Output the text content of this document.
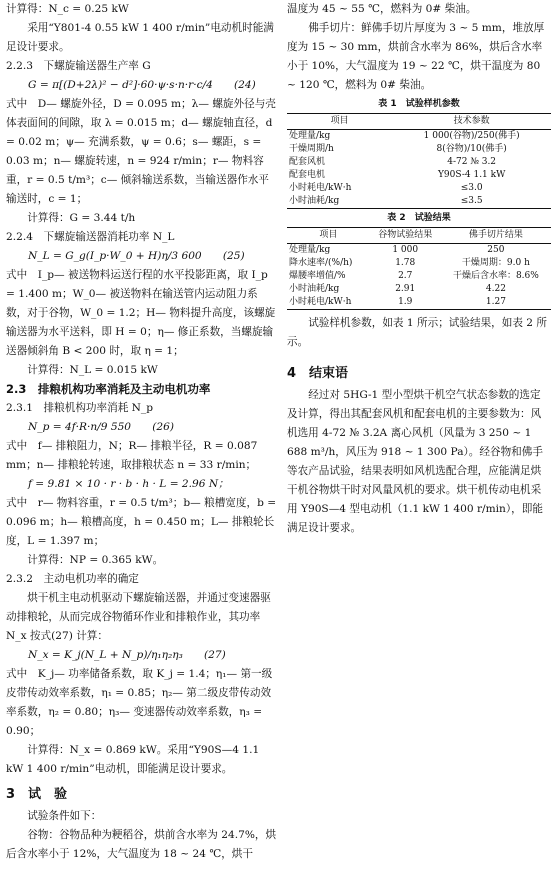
计算得：N_c = 0.25 kW

采用“Y801-4 0.55 kW 1 400 r/min”电动机时能满足设计要求。

2.2.3　下螺旋输送器生产率 G

G = π[(D+2λ)² − d²]·60·ψ·s·n·r·c/4　　(24)

式中　D— 螺旋外径，D = 0.095 m；λ— 螺旋外径与壳体表面间的间隙，取 λ = 0.015 m；d— 螺旋轴直径，d = 0.02 m；ψ— 充满系数，ψ = 0.6；s— 螺距，s = 0.03 m；n— 螺旋转速，n = 924 r/min；r— 物料容重，r = 0.5 t/m³；c— 倾斜输送系数，当输送器作水平输送时，c = 1；

计算得：G = 3.44 t/h

2.2.4　下螺旋输送器消耗功率 N_L

N_L = G_g(I_p·W_0 + H)η/3 600　　(25)

式中　I_p— 被送物料运送行程的水平投影距离，取 I_p = 1.400 m；W_0— 被送物料在输送管内运动阻力系数，对于谷物，W_0 = 1.2；H— 物料提升高度，该螺旋输送器为水平送料，即 H = 0；η— 修正系数，当螺旋输送器倾斜角 B < 200 时，取 η = 1；

计算得：N_L = 0.015 kW

2.3　排粮机构功率消耗及主动电机功率

2.3.1　排粮机构功率消耗 N_p

N_p = 4f·R·n/9 550　　(26)

式中　f— 排粮阻力，N；R— 排粮半径，R = 0.087 mm；n— 排粮轮转速，取排粮状态 n = 33 r/min；

f = 9.81 × 10 · r · b · h · L = 2.96 N；

式中　r— 物料容重，r = 0.5 t/m³；b— 粮槽宽度，b = 0.096 m；h— 粮槽高度，h = 0.450 m；L— 排粮轮长度，L = 1.397 m；

计算得：NP = 0.365 kW。

2.3.2　主动电机功率的确定

烘干机主电动机驱动下螺旋输送器，并通过变速器驱动排粮轮，从而完成谷物循环作业和排粮作业，其功率 N_x 按式(27) 计算：

N_x = K_j(N_L + N_p)/η₁η₂η₃　　(27)

式中　K_j— 功率储备系数，取 K_j = 1.4；η₁— 第一级皮带传动效率系数，η₁ = 0.85；η₂— 第二级皮带传动效率系数，η₂ = 0.80；η₃— 变速器传动效率系数，η₃ = 0.90；

计算得：N_x = 0.869 kW。采用“Y90S—4 1.1 kW 1 400 r/min”电动机，即能满足设计要求。

3　试　验

试验条件如下：

谷物：谷物品种为粳稻谷，烘前含水率为 24.7%，烘后含水率小于 12%，大气温度为 18 ~ 24 ℃，烘干

温度为 45 ~ 55 ℃，燃料为 0# 柴油。

佛手切片：鲜佛手切片厚度为 3 ~ 5 mm，堆放厚度为 15 ~ 30 mm，烘前含水率为 86%，烘后含水率小于 10%，大气温度为 19 ~ 22 ℃，烘干温度为 80 ~ 120 ℃，燃料为 0# 柴油。

表 1　试验样机参数

项目	技术参数
处理量/kg	1 000(谷物)/250(佛手)
干燥周期/h	8(谷物)/10(佛手)
配套风机	4-72 № 3.2
配套电机	Y90S-4 1.1 kW
小时耗电/kW·h	≤3.0
小时油耗/kg	≤3.5

表 2　试验结果

项目	谷物试验结果	佛手切片结果
处理量/kg	1 000	250
降水速率/(%/h)	1.78	干燥周期：9.0 h
爆腰率增值/%	2.7	干燥后含水率：8.6%
小时油耗/kg	2.91	4.22
小时耗电/kW·h	1.9	1.27

试验样机参数，如表 1 所示；试验结果，如表 2 所示。

4　结束语

经过对 5HG-1 型小型烘干机空气状态参数的选定及计算，得出其配套风机和配套电机的主要参数为：风机选用 4-72 № 3.2A 离心风机（风量为 3 250 ~ 1 688 m³/h，风压为 918 ~ 1 300 Pa）。经谷物和佛手等农产品试验，结果表明如风机选配合理，应能满足烘干机谷物烘干时对风量风机的要求。烘干机传动电机采用 Y90S—4 型电动机（1.1 kW 1 400 r/min），即能满足设计要求。
